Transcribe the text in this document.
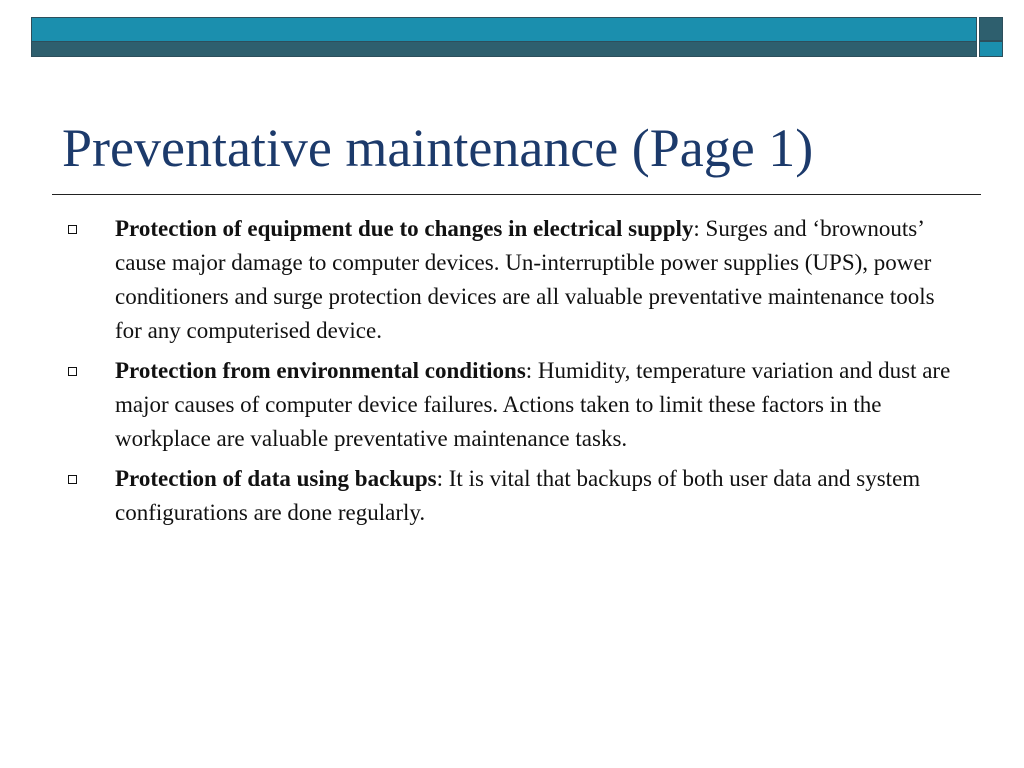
Preventative maintenance (Page 1)
Protection of equipment due to changes in electrical supply: Surges and ‘brownouts’ cause major damage to computer devices. Un-interruptible power supplies (UPS), power conditioners and surge protection devices are all valuable preventative maintenance tools for any computerised device.
Protection from environmental conditions: Humidity, temperature variation and dust are major causes of computer device failures. Actions taken to limit these factors in the workplace are valuable preventative maintenance tasks.
Protection of data using backups: It is vital that backups of both user data and system configurations are done regularly.
